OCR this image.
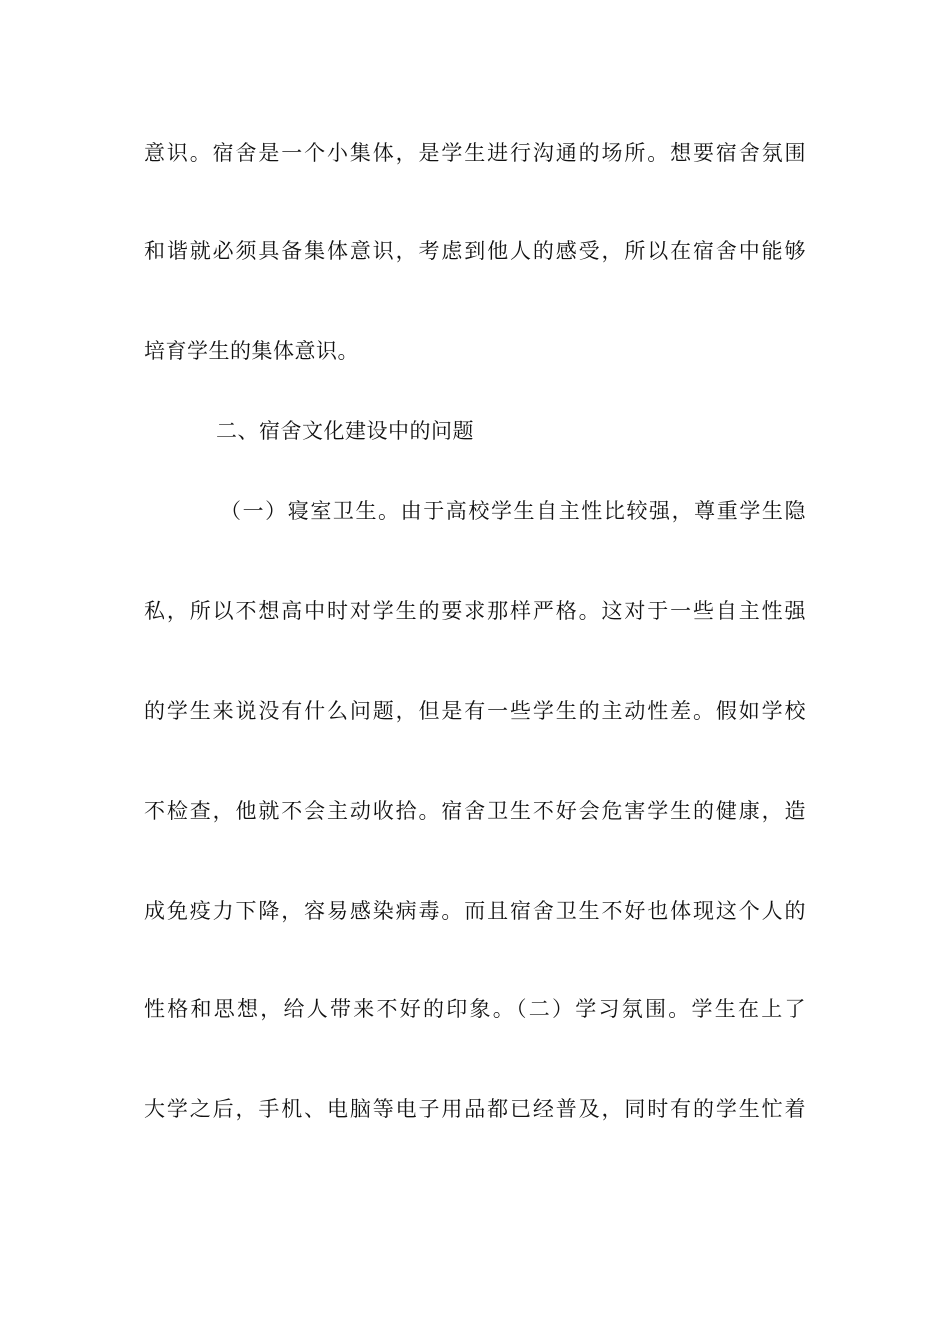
意识。宿舍是一个小集体，是学生进行沟通的场所。想要宿舍氛围
和谐就必须具备集体意识，考虑到他人的感受，所以在宿舍中能够
培育学生的集体意识。
二、宿舍文化建设中的问题
（一）寝室卫生。由于高校学生自主性比较强，尊重学生隐
私，所以不想高中时对学生的要求那样严格。这对于一些自主性强
的学生来说没有什么问题，但是有一些学生的主动性差。假如学校
不检查，他就不会主动收拾。宿舍卫生不好会危害学生的健康，造
成免疫力下降，容易感染病毒。而且宿舍卫生不好也体现这个人的
性格和思想，给人带来不好的印象。（二）学习氛围。学生在上了
大学之后，手机、电脑等电子用品都已经普及，同时有的学生忙着
